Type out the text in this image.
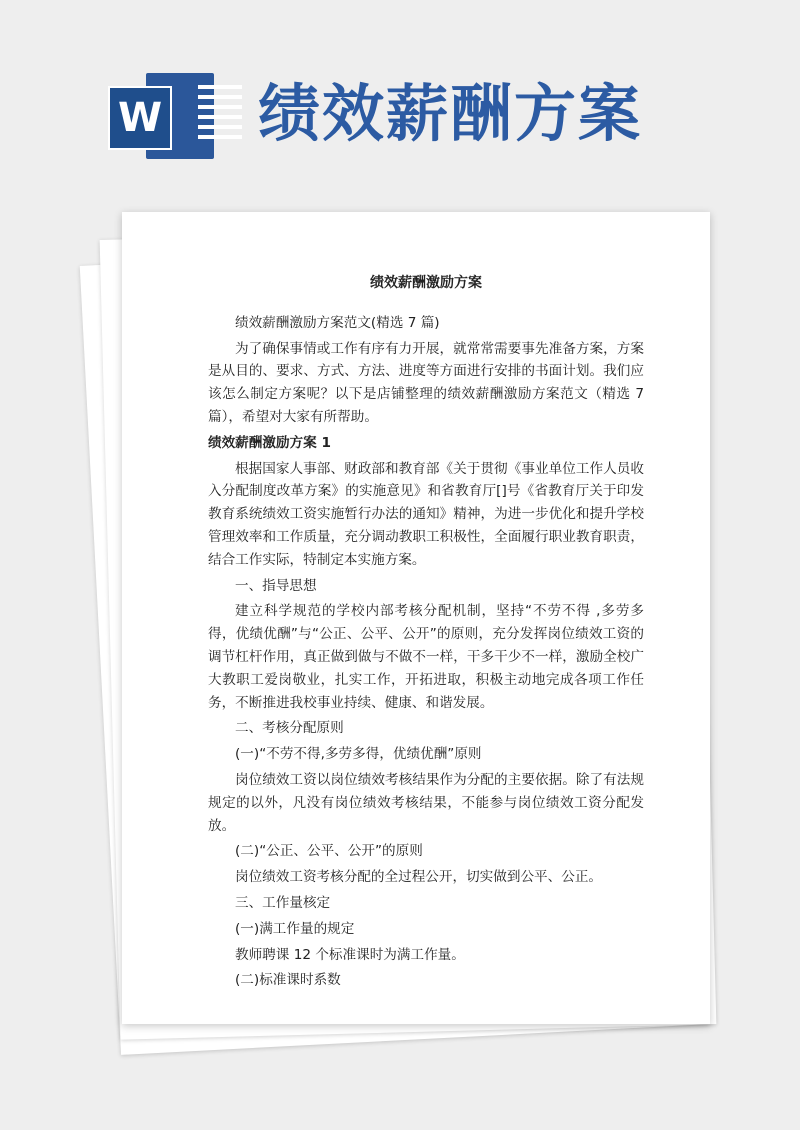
W 绩效薪酬方案
绩效薪酬激励方案

绩效薪酬激励方案范文(精选 7 篇)

为了确保事情或工作有序有力开展，就常常需要事先准备方案，方案是从目的、要求、方式、方法、进度等方面进行安排的书面计划。我们应该怎么制定方案呢？以下是店铺整理的绩效薪酬激励方案范文（精选 7 篇），希望对大家有所帮助。

绩效薪酬激励方案 1

根据国家人事部、财政部和教育部《关于贯彻《事业单位工作人员收入分配制度改革方案》的实施意见》和省教育厅[]号《省教育厅关于印发教育系统绩效工资实施暂行办法的通知》精神，为进一步优化和提升学校管理效率和工作质量，充分调动教职工积极性，全面履行职业教育职责，结合工作实际，特制定本实施方案。

一、指导思想

建立科学规范的学校内部考核分配机制，坚持“不劳不得 ,多劳多得，优绩优酬”与“公正、公平、公开”的原则，充分发挥岗位绩效工资的调节杠杆作用，真正做到做与不做不一样，干多干少不一样，激励全校广大教职工爱岗敬业，扎实工作，开拓进取，积极主动地完成各项工作任务，不断推进我校事业持续、健康、和谐发展。

二、考核分配原则

(一)“不劳不得,多劳多得，优绩优酬”原则

岗位绩效工资以岗位绩效考核结果作为分配的主要依据。除了有法规规定的以外，凡没有岗位绩效考核结果，不能参与岗位绩效工资分配发放。

(二)“公正、公平、公开”的原则

岗位绩效工资考核分配的全过程公开，切实做到公平、公正。

三、工作量核定

(一)满工作量的规定

教师聘课 12 个标准课时为满工作量。

(二)标准课时系数
